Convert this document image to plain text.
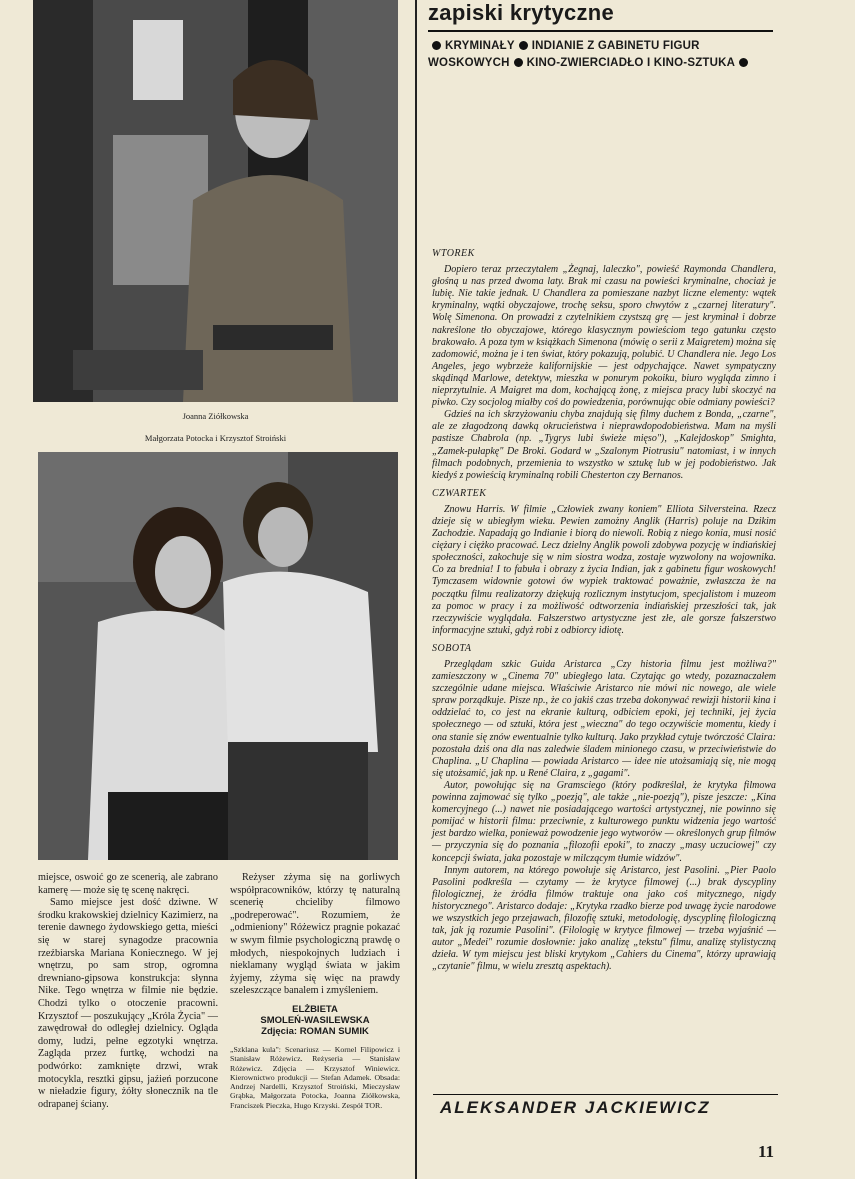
Joanna Ziółkowska
Małgorzata Potocka i Krzysztof Stroiński

miejsce, oswoić go ze scenerią, ale zabrano kamerę — może się tę scenę nakręci.

Samo miejsce jest dość dziwne. W środku krakowskiej dzielnicy Kazimierz, na terenie dawnego żydowskiego getta, mieści się w starej synagodze pracownia rzeźbiarska Mariana Koniecznego. W jej wnętrzu, po sam strop, ogromna drewniano-gipsowa konstrukcja: słynna Nike. Tego wnętrza w filmie nie będzie. Chodzi tylko o otoczenie pracowni. Krzysztof — poszukujący „Króla Życia" — zawędrował do odległej dzielnicy. Ogląda domy, ludzi, pełne egzotyki wnętrza. Zagląda przez furtkę, wchodzi na podwórko: zamknięte drzwi, wrak motocykla, resztki gipsu, jaźień porzucone w nieładzie figury, żółty słonecznik na tle odrapanej ściany.

Reżyser zżyma się na gorliwych współpracowników, którzy tę naturalną scenerię chcieliby filmowo „podreperować". Rozumiem, że „odmieniony" Różewicz pragnie pokazać w swym filmie psychologiczną prawdę o młodych, niespokojnych ludziach i nieklamany wygląd świata w jakim żyjemy, zżyma się więc na prawdy szeleszczące banalem i zmyśleniem.

ELŻBIETA
SMOLEŃ-WASILEWSKA
Zdjęcia: ROMAN SUMIK
„Szklana kula": Scenariusz — Kornel Filipowicz i Stanisław Różewicz. Reżyseria — Stanisław Różewicz. Zdjęcia — Krzysztof Winiewicz. Kierownictwo produkcji — Stefan Adamek. Obsada: Andrzej Nardelli, Krzysztof Stroiński, Mieczysław Grąbka, Małgorzata Potocka, Joanna Ziółkowska, Franciszek Pieczka, Hugo Krzyski. Zespół TOR.
zapiski krytyczne
KRYMINAŁY INDIANIE Z GABINETU FIGUR WOSKOWYCH KINO-ZWIERCIADŁO I KINO-SZTUKA
WTOREK

Dopiero teraz przeczytałem „Żegnaj, laleczko", powieść Raymonda Chandlera, głośną u nas przed dwoma laty. Brak mi czasu na powieści kryminalne, chociaż je lubię. Nie takie jednak. U Chandlera za pomieszane nazbyt liczne elementy: wątek kryminalny, wątki obyczajowe, trochę seksu, sporo chwytów z „czarnej literatury". Wolę Simenona. On prowadzi z czytelnikiem czystszą grę — jest kryminał i dobrze nakreślone tło obyczajowe, którego klasycznym powieściom tego gatunku często brakowało. A poza tym w książkach Simenona (mówię o serii z Maigretem) można się zadomowić, można je i ten świat, który pokazują, polubić. U Chandlera nie. Jego Los Angeles, jego wybrzeże kalifornijskie — jest odpychające. Nawet sympatyczny skądinąd Marlowe, detektyw, mieszka w ponurym pokoiku, biuro wygląda zimno i nieprzytulnie. A Maigret ma dom, kochającą żonę, z miejsca pracy lubi skoczyć na piwko. Czy socjolog miałby coś do powiedzenia, porównując obie odmiany powieści?

Gdzieś na ich skrzyżowaniu chyba znajdują się filmy duchem z Bonda, „czarne", ale ze złagodzoną dawką okrucieństwa i nieprawdopodobieństwa. Mam na myśli pastisze Chabrola (np. „Tygrys lubi świeże mięso"), „Kalejdoskop" Smighta, „Zamek-pułapkę" De Broki. Godard w „Szalonym Piotrusiu" natomiast, i w innych filmach podobnych, przemienia to wszystko w sztukę lub w jej podobieństwo. Jak kiedyś z powieścią kryminalną robili Chesterton czy Bernanos.

CZWARTEK

Znowu Harris. W filmie „Człowiek zwany koniem" Elliota Silversteina. Rzecz dzieje się w ubiegłym wieku. Pewien zamożny Anglik (Harris) poluje na Dzikim Zachodzie. Napadają go Indianie i biorą do niewoli. Robią z niego konia, musi nosić ciężary i ciężko pracować. Lecz dzielny Anglik powoli zdobywa pozycję w indiańskiej społeczności, zakochuje się w nim siostra wodza, zostaje wyzwolony na wojownika. Co za brednia! I to fabuła i obrazy z życia Indian, jak z gabinetu figur woskowych! Tymczasem widownie gotowi ów wypiek traktować poważnie, zwłaszcza że na początku filmu realizatorzy dziękują rozlicznym instytucjom, specjalistom i muzeom za pomoc w pracy i za możliwość odtworzenia indiańskiej przeszłości tak, jak rzeczywiście wyglądała. Fałszerstwo artystyczne jest złe, ale gorsze fałszerstwo informacyjne sztuki, gdyż robi z odbiorcy idiotę.

SOBOTA

Przeglądam szkic Guida Aristarca „Czy historia filmu jest możliwa?" zamieszczony w „Cinema 70" ubiegłego lata. Czytając go wtedy, pozaznaczałem szczególnie udane miejsca. Właściwie Aristarco nie mówi nic nowego, ale wiele spraw porządkuje. Pisze np., że co jakiś czas trzeba dokonywać rewizji historii kina i oddzielać to, co jest na ekranie kulturą, odbiciem epoki, jej techniki, jej życia społecznego — od sztuki, która jest „wieczna" do tego oczywiście momentu, kiedy i ona stanie się znów ewentualnie tylko kulturą. Jako przykład cytuje twórczość Claira: pozostała dziś ona dla nas zaledwie śladem minionego czasu, w przeciwieństwie do Chaplina. „U Chaplina — powiada Aristarco — idee nie utożsamiają się, nie mogą się utożsamić, jak np. u René Claira, z „gagami".

Autor, powołując się na Gramsciego (który podkreślał, że krytyka filmowa powinna zajmować się tylko „poezją", ale także „nie-poezją"), pisze jeszcze: „Kina komercyjnego (...) nawet nie posiadającego wartości artystycznej, nie powinno się pomijać w historii filmu: przeciwnie, z kulturowego punktu widzenia jego wartość jest bardzo wielka, ponieważ powodzenie jego wytworów — określonych grup filmów — przyczynia się do poznania „filozofii epoki", to znaczy „masy uczuciowej" czy koncepcji świata, jaka pozostaje w milczącym tłumie widzów".

Innym autorem, na którego powołuje się Aristarco, jest Pasolini. „Pier Paolo Pasolini podkreśla — czytamy — że krytyce filmowej (...) brak dyscypliny filologicznej, że źródła filmów traktuje ona jako coś mitycznego, nigdy historycznego". Aristarco dodaje: „Krytyka rzadko bierze pod uwagę życie narodowe we wszystkich jego przejawach, filozofię sztuki, metodologię, dyscyplinę filologiczną tak, jak ją rozumie Pasolini". (Filologię w krytyce filmowej — trzeba wyjaśnić — autor „Medei" rozumie dosłownie: jako analizę „tekstu" filmu, analizę stylistyczną dzieła. W tym miejscu jest bliski krytykom „Cahiers du Cinema", którzy uprawiają „czytanie" filmu, w wielu zresztą aspektach).

ALEKSANDER JACKIEWICZ
11
